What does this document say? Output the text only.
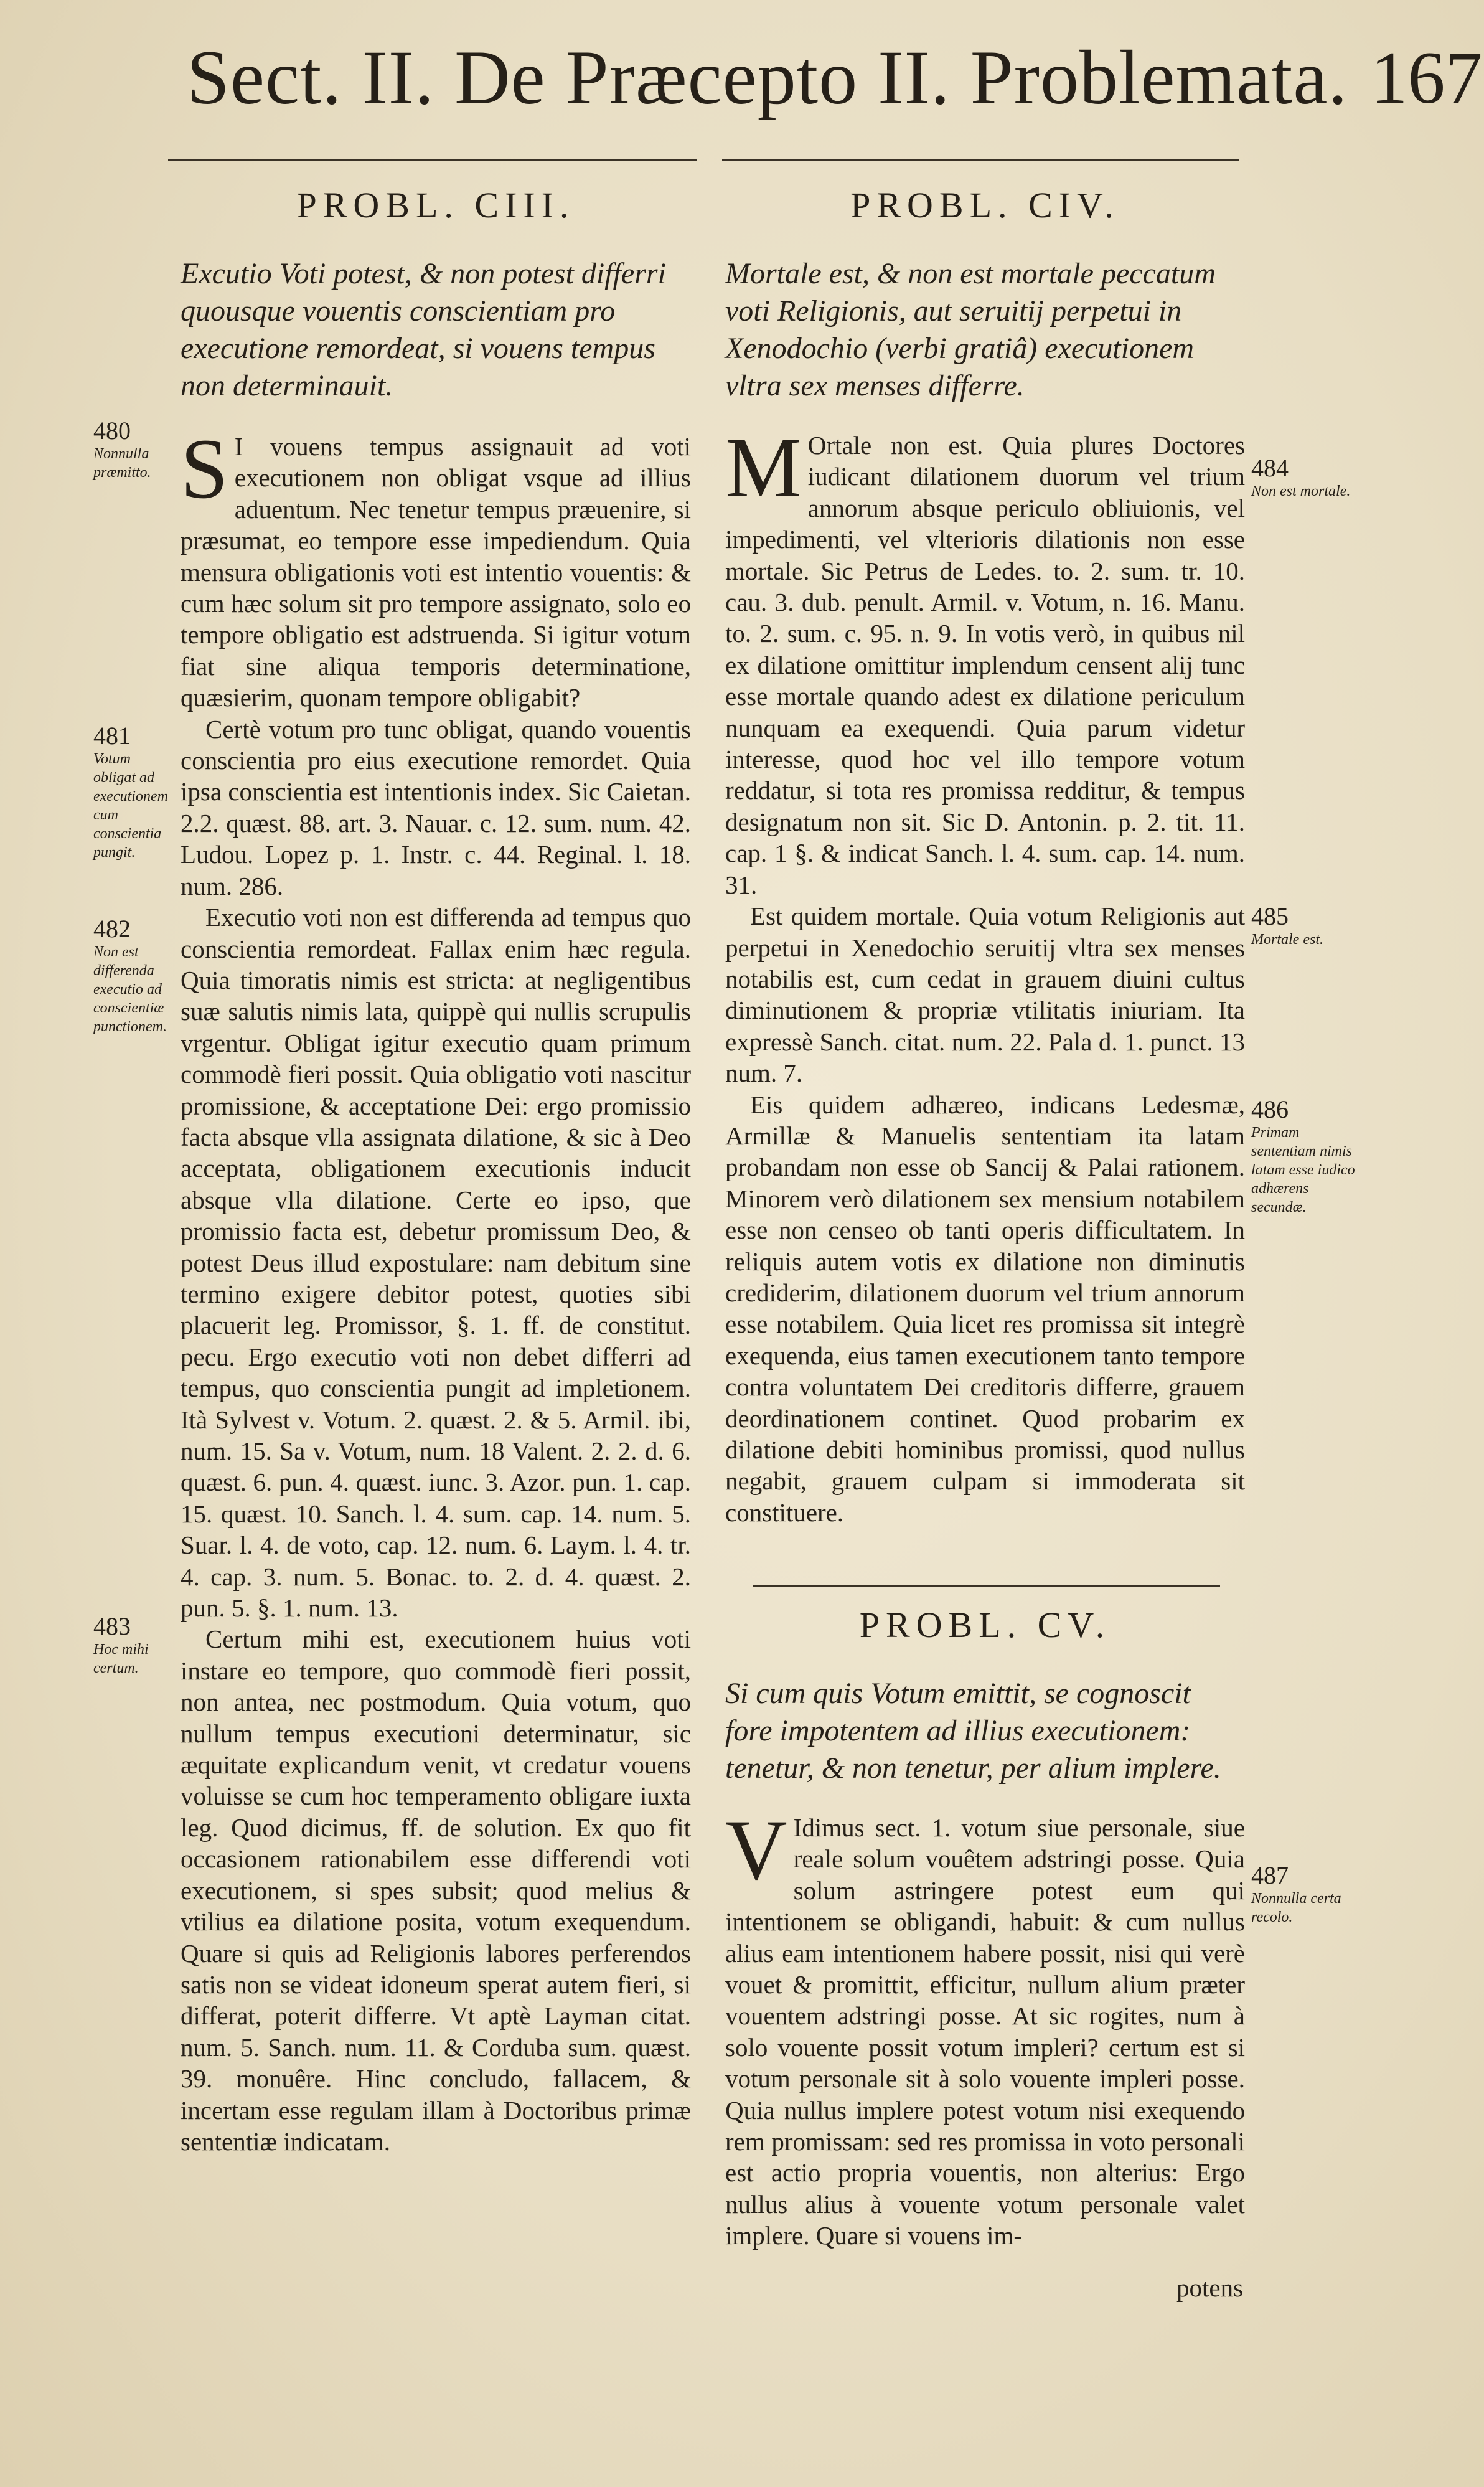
Sect. II. De Præcepto II. Problemata. 167
480
Nonnulla præmitto.
481
Votum obligat ad executionem cum conscientia pungit.
482
Non est differenda executio ad conscientiæ punctionem.
483
Hoc mihi certum.
PROBL. CIII.

Excutio Voti potest, & non potest differri quousque vouentis conscientiam pro executione remordeat, si vouens tempus non determinauit.

S I vouens tempus assignauit ad voti executionem non obligat vsque ad illius aduentum. Nec tenetur tempus præuenire, si præsumat, eo tempore esse impediendum. Quia mensura obligationis voti est intentio vouentis: & cum hæc solum sit pro tempore assignato, solo eo tempore obligatio est adstruenda. Si igitur votum fiat sine aliqua temporis determinatione, quæsierim, quonam tempore obligabit?

Certè votum pro tunc obligat, quando vouentis conscientia pro eius executione remordet. Quia ipsa conscientia est intentionis index. Sic Caietan. 2.2. quæst. 88. art. 3. Nauar. c. 12. sum. num. 42. Ludou. Lopez p. 1. Instr. c. 44. Reginal. l. 18. num. 286.

Executio voti non est differenda ad tempus quo conscientia remordeat. Fallax enim hæc regula. Quia timoratis nimis est stricta: at negligentibus suæ salutis nimis lata, quippè qui nullis scrupulis vrgentur. Obligat igitur executio quam primum commodè fieri possit. Quia obligatio voti nascitur promissione, & acceptatione Dei: ergo promissio facta absque vlla assignata dilatione, & sic à Deo acceptata, obligationem executionis inducit absque vlla dilatione. Certe eo ipso, que promissio facta est, debetur promissum Deo, & potest Deus illud expostulare: nam debitum sine termino exigere debitor potest, quoties sibi placuerit leg. Promissor, §. 1. ff. de constitut. pecu. Ergo executio voti non debet differri ad tempus, quo conscientia pungit ad impletionem. Ità Sylvest v. Votum. 2. quæst. 2. & 5. Armil. ibi, num. 15. Sa v. Votum, num. 18 Valent. 2. 2. d. 6. quæst. 6. pun. 4. quæst. iunc. 3. Azor. pun. 1. cap. 15. quæst. 10. Sanch. l. 4. sum. cap. 14. num. 5. Suar. l. 4. de voto, cap. 12. num. 6. Laym. l. 4. tr. 4. cap. 3. num. 5. Bonac. to. 2. d. 4. quæst. 2. pun. 5. §. 1. num. 13.

Certum mihi est, executionem huius voti instare eo tempore, quo commodè fieri possit, non antea, nec postmodum. Quia votum, quo nullum tempus executioni determinatur, sic æquitate explicandum venit, vt credatur vouens voluisse se cum hoc temperamento obligare iuxta leg. Quod dicimus, ff. de solution. Ex quo fit occasionem rationabilem esse differendi voti executionem, si spes subsit; quod melius & vtilius ea dilatione posita, votum exequendum. Quare si quis ad Religionis labores perferendos satis non se videat idoneum sperat autem fieri, si differat, poterit differre. Vt aptè Layman citat. num. 5. Sanch. num. 11. & Corduba sum. quæst. 39. monuêre. Hinc concludo, fallacem, & incertam esse regulam illam à Doctoribus primæ sententiæ indicatam.

PROBL. CIV.

Mortale est, & non est mortale peccatum voti Religionis, aut seruitij perpetui in Xenodochio (verbi gratiâ) executionem vltra sex menses differre.

M Ortale non est. Quia plures Doctores iudicant dilationem duorum vel trium annorum absque periculo obliuionis, vel impedimenti, vel vlterioris dilationis non esse mortale. Sic Petrus de Ledes. to. 2. sum. tr. 10. cau. 3. dub. penult. Armil. v. Votum, n. 16. Manu. to. 2. sum. c. 95. n. 9. In votis verò, in quibus nil ex dilatione omittitur implendum censent alij tunc esse mortale quando adest ex dilatione periculum nunquam ea exequendi. Quia parum videtur interesse, quod hoc vel illo tempore votum reddatur, si tota res promissa redditur, & tempus designatum non sit. Sic D. Antonin. p. 2. tit. 11. cap. 1 §. & indicat Sanch. l. 4. sum. cap. 14. num. 31.

Est quidem mortale. Quia votum Religionis aut perpetui in Xenedochio seruitij vltra sex menses notabilis est, cum cedat in grauem diuini cultus diminutionem & propriæ vtilitatis iniuriam. Ita expressè Sanch. citat. num. 22. Pala d. 1. punct. 13 num. 7.

Eis quidem adhæreo, indicans Ledesmæ, Armillæ & Manuelis sententiam ita latam probandam non esse ob Sancij & Palai rationem. Minorem verò dilationem sex mensium notabilem esse non censeo ob tanti operis difficultatem. In reliquis autem votis ex dilatione non diminutis crediderim, dilationem duorum vel trium annorum esse notabilem. Quia licet res promissa sit integrè exequenda, eius tamen executionem tanto tempore contra voluntatem Dei creditoris differre, grauem deordinationem continet. Quod probarim ex dilatione debiti hominibus promissi, quod nullus negabit, grauem culpam si immoderata sit constituere.

PROBL. CV.

Si cum quis Votum emittit, se cognoscit fore impotentem ad illius executionem: tenetur, & non tenetur, per alium implere.

V Idimus sect. 1. votum siue personale, siue reale solum vouêtem adstringi posse. Quia solum astringere potest eum qui intentionem se obligandi, habuit: & cum nullus alius eam intentionem habere possit, nisi qui verè vouet & promittit, efficitur, nullum alium præter vouentem adstringi posse. At sic rogites, num à solo vouente possit votum impleri? certum est si votum personale sit à solo vouente impleri posse. Quia nullus implere potest votum nisi exequendo rem promissam: sed res promissa in voto personali est actio propria vouentis, non alterius: Ergo nullus alius à vouente votum personale valet implere. Quare si vouens im-

potens
484
Non est mortale.
485
Mortale est.
486
Primam sententiam nimis latam esse iudico adhærens secundæ.
487
Nonnulla certa recolo.
